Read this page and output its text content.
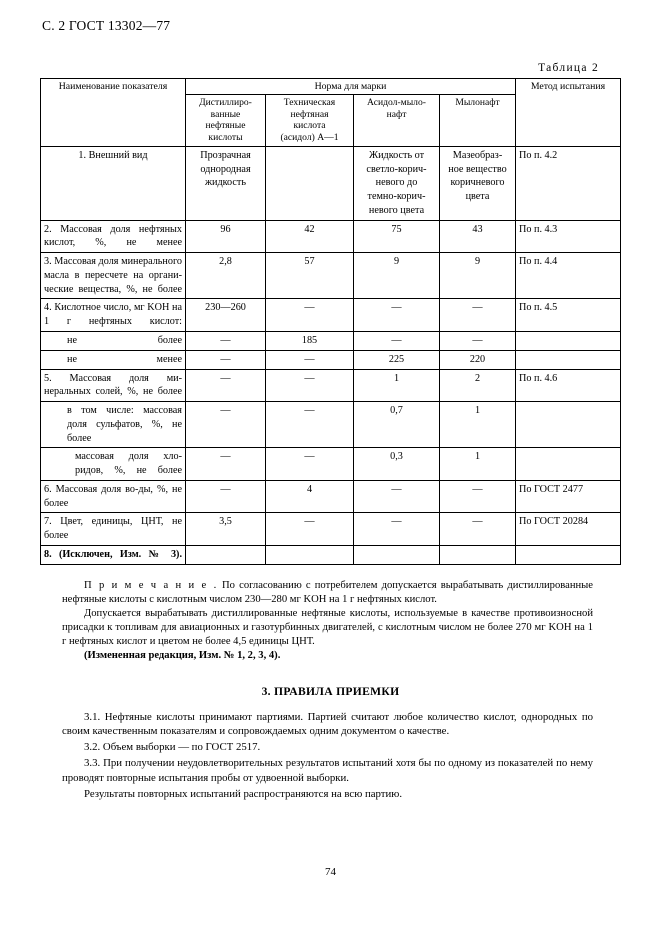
С. 2 ГОСТ 13302—77
Таблица 2
Наименование показателя	Норма для марки				Метод испытания
	Дистиллиро-
ванные
нефтяные
кислоты	Техническая
нефтяная
кислота
(асидол) А—1	Асидол-мыло-
нафт	Мылонафт	
1. Внешний вид	Прозрачная
однородная
жидкость		Жидкость от
светло-корич-
невого до
темно-корич-
невого цвета	Мазеобраз-
ное вещество
коричневого
цвета	По п. 4.2
2. Массовая доля нефтяных кислот, %, не менее	96	42	75	43	По п. 4.3
3. Массовая доля минерального масла в пересчете на органи-ческие вещества, %, не более	2,8	57	9	9	По п. 4.4
4. Кислотное число, мг KOH на 1 г нефтяных кислот:	230—260	—	—	—	По п. 4.5
не более	—	185	—	—	
не менее	—	—	225	220	
5. Массовая доля ми-неральных солей, %, не более	—	—	1	2	По п. 4.6
в том числе: массовая доля сульфатов, %, не более	—	—	0,7	1	
массовая доля хло-ридов, %, не более	—	—	0,3	1	
6. Массовая доля во-ды, %, не более	—	4	—	—	По ГОСТ 2477
7. Цвет, единицы, ЦНТ, не более	3,5	—	—	—	По ГОСТ 20284
8. (Исключен, Изм. № 3).					

П р и м е ч а н и е . По согласованию с потребителем допускается вырабатывать дистиллированные нефтяные кислоты с кислотным числом 230—280 мг KOH на 1 г нефтяных кислот.

Допускается вырабатывать дистиллированные нефтяные кислоты, используемые в качестве противоизносной присадки к топливам для авиационных и газотурбинных двигателей, с кислотным числом не более 270 мг KOH на 1 г нефтяных кислот и цветом не более 4,5 единицы ЦНТ.

(Измененная редакция, Изм. № 1, 2, 3, 4).

3. ПРАВИЛА ПРИЕМКИ

3.1. Нефтяные кислоты принимают партиями. Партией считают любое количество кислот, однородных по своим качественным показателям и сопровождаемых одним документом о качестве.

3.2. Объем выборки — по ГОСТ 2517.

3.3. При получении неудовлетворительных результатов испытаний хотя бы по одному из показателей по нему проводят повторные испытания пробы от удвоенной выборки.

Результаты повторных испытаний распространяются на всю партию.

74
